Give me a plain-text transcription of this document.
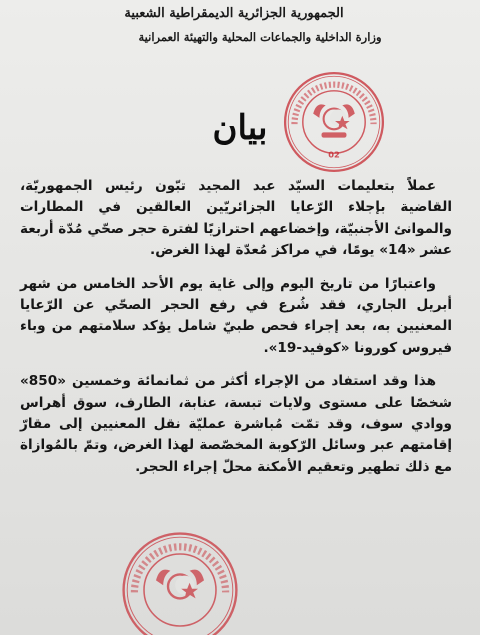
الجمهورية الجزائرية الديمقراطية الشعبية
وزارة الداخلية والجماعات المحلية والتهيئة العمرانية
02
بيان

عملاً بتعليمات السيّد عبد المجيد تبّون رئيس الجمهوريّة، القاضية بإجلاء الرّعايا الجزائريّين العالقين في المطارات والموانئ الأجنبيّة، وإخضاعهم احترازيًا لفترة حجر صحّي مُدّة أربعة عشر «14» يومًا، في مراكز مُعدّة لهذا الغرض.

واعتبارًا من تاريخ اليوم وإلى غاية يوم الأحد الخامس من شهر أبريل الجاري، فقد شُرع في رفع الحجر الصحّي عن الرّعايا المعنيين به، بعد إجراء فحص طبيّ شامل يؤكد سلامتهم من وباء فيروس كورونا «كوفيد-19».

هذا وقد استفاد من الإجراء أكثر من ثمانمائة وخمسين «850» شخصًا على مستوى ولايات تبسة، عنابة، الطارف، سوق أهراس ووادي سوف، وقد تمّت مُباشرة عمليّة نقل المعنيين إلى مقارّ إقامتهم عبر وسائل الرّكوبة المخصّصة لهذا الغرض، وتمّ بالمُوازاة مع ذلك تطهير وتعقيم الأمكنة محلّ إجراء الحجر.
